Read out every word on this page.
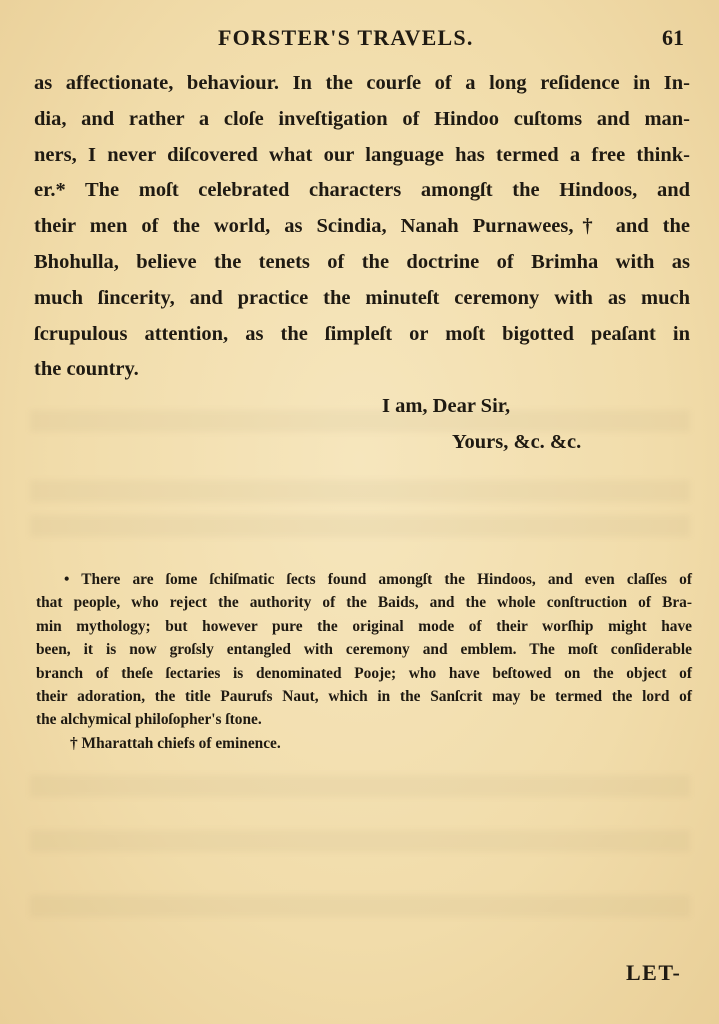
FORSTER'S TRAVELS.	61
as affectionate, behaviour. In the courſe of a long reſidence in In-
dia, and rather a cloſe inveſtigation of Hindoo cuſtoms and man-
ners, I never diſcovered what our language has termed a free think-
er.* The moſt celebrated characters amongſt the Hindoos, and
their men of the world, as Scindia, Nanah Purnawees,† and the
Bhohulla, believe the tenets of the doctrine of Brimha with as
much ſincerity, and practice the minuteſt ceremony with as much
ſcrupulous attention, as the ſimpleſt or moſt bigotted peaſant in
the country.
I am, Dear Sir,
Yours, &c. &c.
• There are ſome ſchiſmatic ſects found amongſt the Hindoos, and even claſſes of
that people, who reject the authority of the Baids, and the whole conſtruction of Bra-
min mythology; but however pure the original mode of their worſhip might have
been, it is now groſsly entangled with ceremony and emblem. The moſt conſiderable
branch of theſe ſectaries is denominated Pooje; who have beſtowed on the object of
their adoration, the title Paurufs Naut, which in the Sanſcrit may be termed the lord of
the alchymical philoſopher's ſtone.
† Mharattah chiefs of eminence.
LET-
